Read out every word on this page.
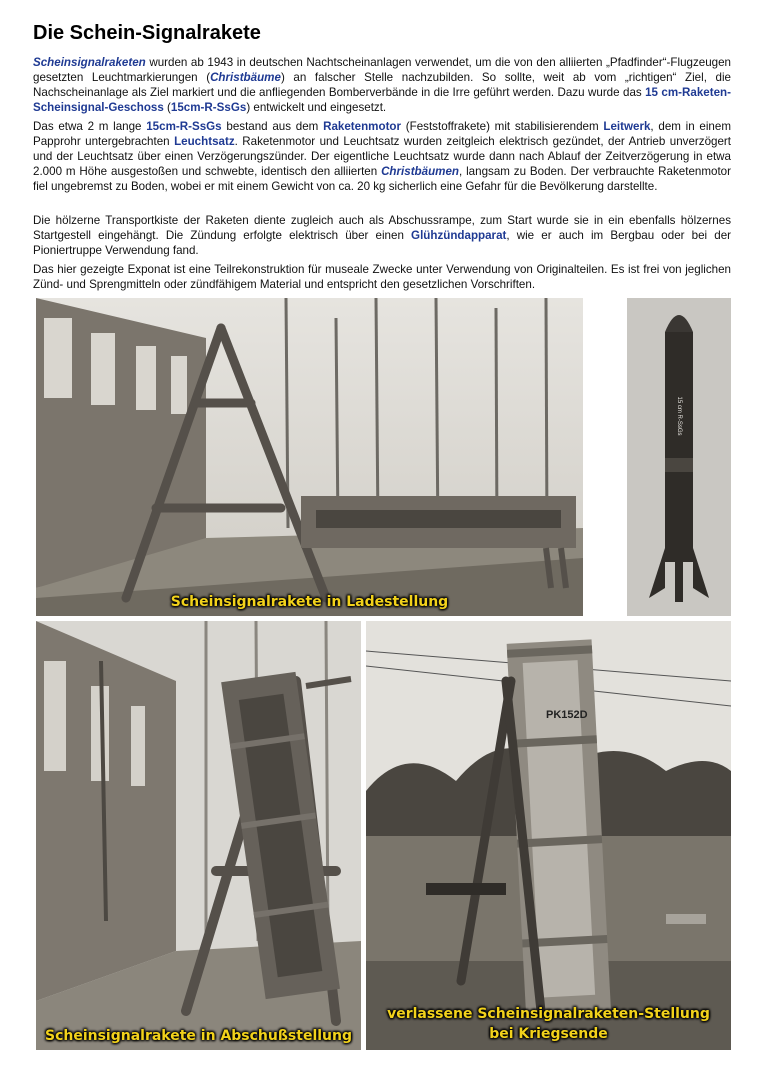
Die Schein-Signalrakete

Scheinsignalraketen wurden ab 1943 in deutschen Nachtscheinanlagen verwendet, um die von den alliierten „Pfadfinder“-Flugzeugen gesetzten Leuchtmarkierungen (Christbäume) an falscher Stelle nachzubilden. So sollte, weit ab vom „richtigen“ Ziel, die Nachscheinanlage als Ziel markiert und die anfliegenden Bomberverbände in die Irre geführt werden. Dazu wurde das 15 cm-Raketen-Scheinsignal-Geschoss (15cm-R-SsGs) entwickelt und eingesetzt.

Das etwa 2 m lange 15cm-R-SsGs bestand aus dem Raketenmotor (Feststoffrakete) mit stabilisierendem Leitwerk, dem in einem Papprohr untergebrachten Leuchtsatz. Raketenmotor und Leuchtsatz wurden zeitgleich elektrisch gezündet, der Antrieb unverzögert und der Leuchtsatz über einen Verzögerungszünder. Der eigentliche Leuchtsatz wurde dann nach Ablauf der Zeitverzögerung in etwa 2.000 m Höhe ausgestoßen und schwebte, identisch den alliierten Christbäumen, langsam zu Boden. Der verbrauchte Raketenmotor fiel ungebremst zu Boden, wobei er mit einem Gewicht von ca. 20 kg sicherlich eine Gefahr für die Bevölkerung darstellte.

Die hölzerne Transportkiste der Raketen diente zugleich auch als Abschussrampe, zum Start wurde sie in ein ebenfalls hölzernes Startgestell eingehängt. Die Zündung erfolgte elektrisch über einen Glühzündapparat, wie er auch im Bergbau oder bei der Pioniertruppe Verwendung fand.

Das hier gezeigte Exponat ist eine Teilrekonstruktion für museale Zwecke unter Verwendung von Originalteilen. Es ist frei von jeglichen Zünd- und Sprengmitteln oder zündfähigem Material und entspricht den gesetzlichen Vorschriften.

Scheinsignalrakete in Ladestellung
15 cm R-SsGs
Scheinsignalrakete in Abschußstellung
PK152D
verlassene Scheinsignalraketen-Stellung
bei Kriegsende
